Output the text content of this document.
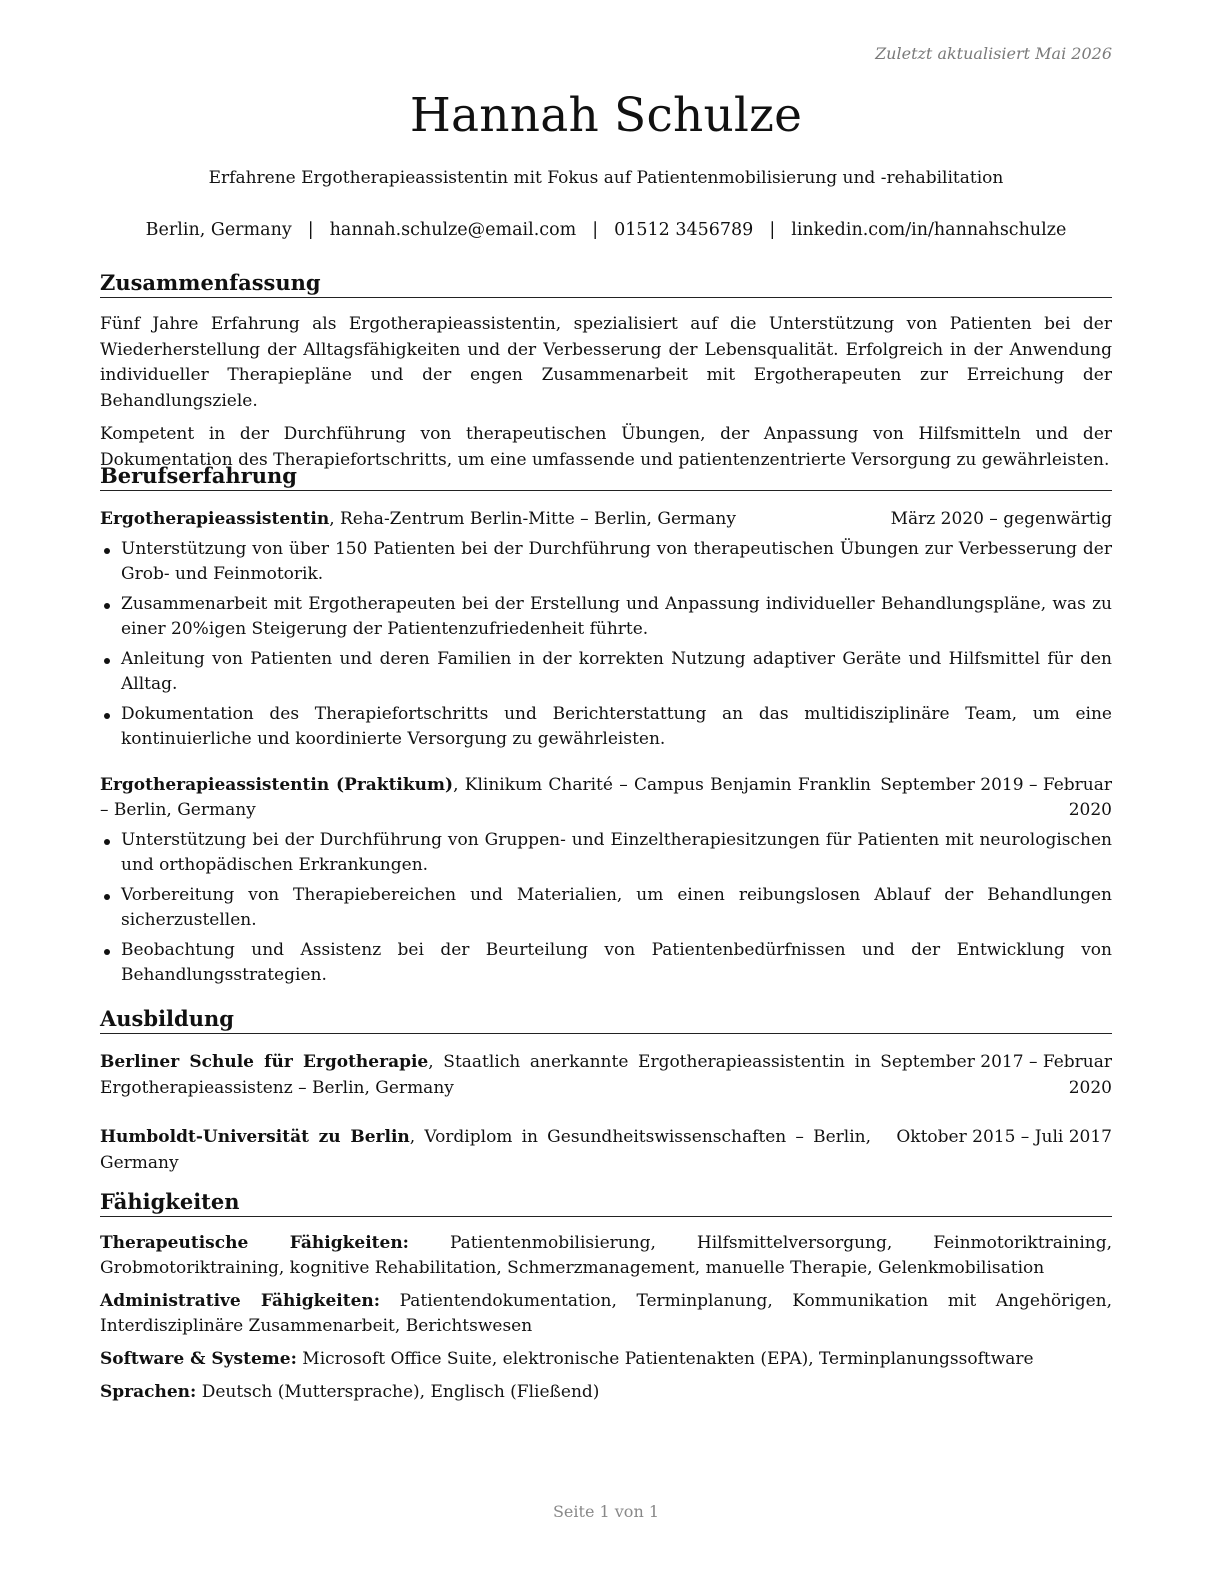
Zuletzt aktualisiert Mai 2026
Hannah Schulze
Erfahrene Ergotherapieassistentin mit Fokus auf Patientenmobilisierung und -rehabilitation
Berlin, Germany | hannah.schulze@email.com | 01512 3456789 | linkedin.com/in/hannahschulze
Zusammenfassung

Fünf Jahre Erfahrung als Ergotherapieassistentin, spezialisiert auf die Unterstützung von Patienten bei der Wiederherstellung der Alltagsfähigkeiten und der Verbesserung der Lebensqualität. Erfolgreich in der Anwendung individueller Therapiepläne und der engen Zusammenarbeit mit Ergotherapeuten zur Erreichung der Behandlungsziele.

Kompetent in der Durchführung von therapeutischen Übungen, der Anpassung von Hilfsmitteln und der Dokumentation des Therapiefortschritts, um eine umfassende und patientenzentrierte Versorgung zu gewährleisten.

Berufserfahrung
Ergotherapieassistentin, Reha-Zentrum Berlin-Mitte – Berlin, Germany	März 2020 – gegenwärtig
Unterstützung von über 150 Patienten bei der Durchführung von therapeutischen Übungen zur Verbesserung der Grob- und Feinmotorik.
Zusammenarbeit mit Ergotherapeuten bei der Erstellung und Anpassung individueller Behandlungspläne, was zu einer 20%igen Steigerung der Patientenzufriedenheit führte.
Anleitung von Patienten und deren Familien in der korrekten Nutzung adaptiver Geräte und Hilfsmittel für den Alltag.
Dokumentation des Therapiefortschritts und Berichterstattung an das multidisziplinäre Team, um eine kontinuierliche und koordinierte Versorgung zu gewährleisten.
Ergotherapieassistentin (Praktikum), Klinikum Charité – Campus Benjamin Franklin – Berlin, Germany
September 2019 – Februar 2020
Unterstützung bei der Durchführung von Gruppen- und Einzeltherapiesitzungen für Patienten mit neurologischen und orthopädischen Erkrankungen.
Vorbereitung von Therapiebereichen und Materialien, um einen reibungslosen Ablauf der Behandlungen sicherzustellen.
Beobachtung und Assistenz bei der Beurteilung von Patientenbedürfnissen und der Entwicklung von Behandlungsstrategien.
Ausbildung
Berliner Schule für Ergotherapie, Staatlich anerkannte Ergotherapieassistentin in Ergotherapieassistenz – Berlin, Germany
September 2017 – Februar 2020
Humboldt-Universität zu Berlin, Vordiplom in Gesundheitswissenschaften – Berlin, Germany
Oktober 2015 – Juli 2017
Fähigkeiten

Therapeutische Fähigkeiten: Patientenmobilisierung, Hilfsmittelversorgung, Feinmotoriktraining, Grobmotoriktraining, kognitive Rehabilitation, Schmerzmanagement, manuelle Therapie, Gelenkmobilisation

Administrative Fähigkeiten: Patientendokumentation, Terminplanung, Kommunikation mit Angehörigen, Interdisziplinäre Zusammenarbeit, Berichtswesen

Software & Systeme: Microsoft Office Suite, elektronische Patientenakten (EPA), Terminplanungssoftware

Sprachen: Deutsch (Muttersprache), Englisch (Fließend)

Seite 1 von 1
